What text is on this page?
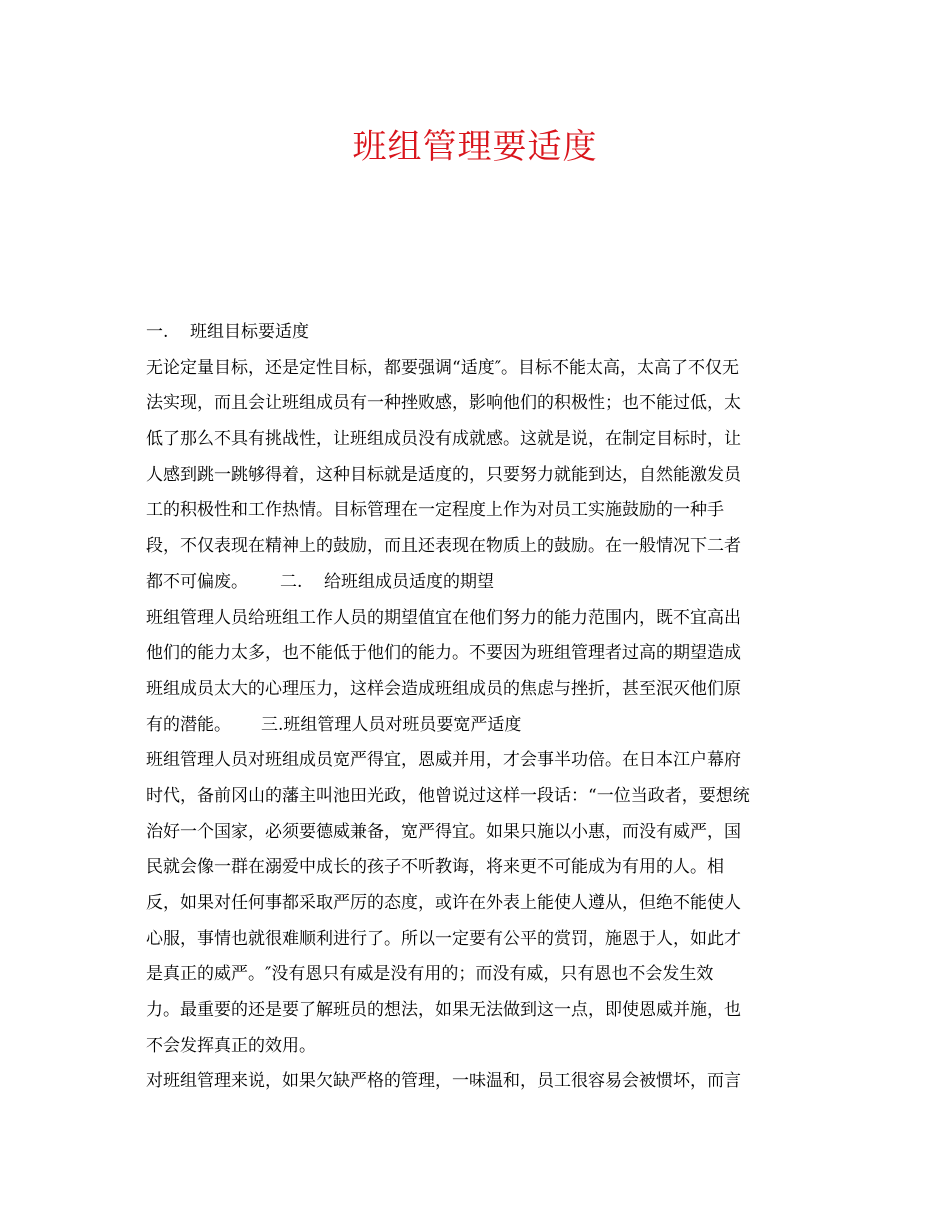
班组管理要适度
一. 班组目标要适度
无论定量目标，还是定性目标，都要强调“适度″。目标不能太高，太高了不仅无
法实现，而且会让班组成员有一种挫败感，影响他们的积极性；也不能过低，太
低了那么不具有挑战性，让班组成员没有成就感。这就是说，在制定目标时，让
人感到跳一跳够得着，这种目标就是适度的，只要努力就能到达，自然能激发员
工的积极性和工作热情。目标管理在一定程度上作为对员工实施鼓励的一种手
段，不仅表现在精神上的鼓励，而且还表现在物质上的鼓励。在一般情况下二者
都不可偏废。 二. 给班组成员适度的期望
班组管理人员给班组工作人员的期望值宜在他们努力的能力范围内，既不宜高出
他们的能力太多，也不能低于他们的能力。不要因为班组管理者过高的期望造成
班组成员太大的心理压力，这样会造成班组成员的焦虑与挫折，甚至泯灭他们原
有的潜能。 三.班组管理人员对班员要宽严适度
班组管理人员对班组成员宽严得宜，恩威并用，才会事半功倍。在日本江户幕府
时代，备前冈山的藩主叫池田光政，他曾说过这样一段话：“一位当政者，要想统
治好一个国家，必须要德威兼备，宽严得宜。如果只施以小惠，而没有威严，国
民就会像一群在溺爱中成长的孩子不听教诲，将来更不可能成为有用的人。相
反，如果对任何事都采取严厉的态度，或许在外表上能使人遵从，但绝不能使人
心服，事情也就很难顺利进行了。所以一定要有公平的赏罚，施恩于人，如此才
是真正的威严。″没有恩只有威是没有用的；而没有威，只有恩也不会发生效
力。最重要的还是要了解班员的想法，如果无法做到这一点，即使恩威并施，也
不会发挥真正的效用。
对班组管理来说，如果欠缺严格的管理，一味温和，员工很容易会被惯坏，而言
